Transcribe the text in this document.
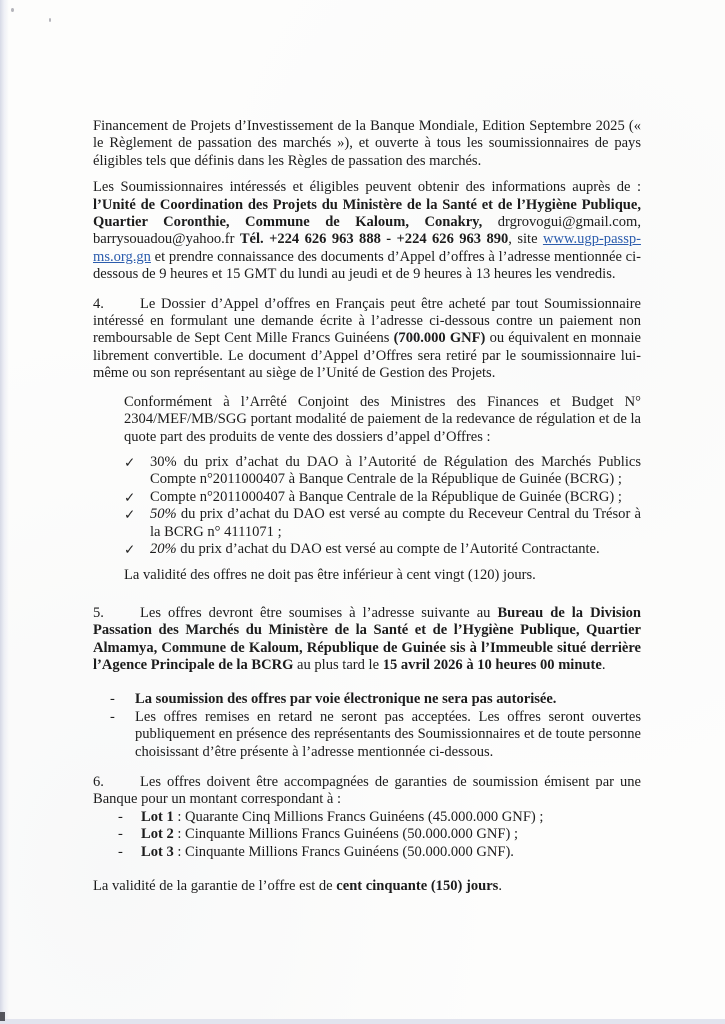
Financement de Projets d’Investissement de la Banque Mondiale, Edition Septembre 2025 (« le Règlement de passation des marchés »), et ouverte à tous les soumissionnaires de pays éligibles tels que définis dans les Règles de passation des marchés.

Les Soumissionnaires intéressés et éligibles peuvent obtenir des informations auprès de : l’Unité de Coordination des Projets du Ministère de la Santé et de l’Hygiène Publique, Quartier Coronthie, Commune de Kaloum, Conakry, drgrovogui@gmail.com, barrysouadou@yahoo.fr Tél. +224 626 963 888 - +224 626 963 890, site www.ugp-passp-ms.org.gn et prendre connaissance des documents d’Appel d’offres à l’adresse mentionnée ci-dessous de 9 heures et 15 GMT du lundi au jeudi et de 9 heures à 13 heures les vendredis.

4. Le Dossier d’Appel d’offres en Français peut être acheté par tout Soumissionnaire intéressé en formulant une demande écrite à l’adresse ci-dessous contre un paiement non remboursable de Sept Cent Mille Francs Guinéens (700.000 GNF) ou équivalent en monnaie librement convertible. Le document d’Appel d’Offres sera retiré par le soumissionnaire lui-même ou son représentant au siège de l’Unité de Gestion des Projets.

Conformément à l’Arrêté Conjoint des Ministres des Finances et Budget N° 2304/MEF/MB/SGG portant modalité de paiement de la redevance de régulation et de la quote part des produits de vente des dossiers d’appel d’Offres :

✓ 30% du prix d’achat du DAO à l’Autorité de Régulation des Marchés Publics Compte n°2011000407 à Banque Centrale de la République de Guinée (BCRG) ;
✓ Compte n°2011000407 à Banque Centrale de la République de Guinée (BCRG) ;
✓ 50% du prix d’achat du DAO est versé au compte du Receveur Central du Trésor à la BCRG n° 4111071 ;
✓ 20% du prix d’achat du DAO est versé au compte de l’Autorité Contractante.

La validité des offres ne doit pas être inférieur à cent vingt (120) jours.

5. Les offres devront être soumises à l’adresse suivante au Bureau de la Division Passation des Marchés du Ministère de la Santé et de l’Hygiène Publique, Quartier Almamya, Commune de Kaloum, République de Guinée sis à l’Immeuble situé derrière l’Agence Principale de la BCRG au plus tard le 15 avril 2026 à 10 heures 00 minute.

- La soumission des offres par voie électronique ne sera pas autorisée.
- Les offres remises en retard ne seront pas acceptées. Les offres seront ouvertes publiquement en présence des représentants des Soumissionnaires et de toute personne choisissant d’être présente à l’adresse mentionnée ci-dessous.

6. Les offres doivent être accompagnées de garanties de soumission émisent par une Banque pour un montant correspondant à :

- Lot 1 : Quarante Cinq Millions Francs Guinéens (45.000.000 GNF) ;
- Lot 2 : Cinquante Millions Francs Guinéens (50.000.000 GNF) ;
- Lot 3 : Cinquante Millions Francs Guinéens (50.000.000 GNF).

La validité de la garantie de l’offre est de cent cinquante (150) jours.
